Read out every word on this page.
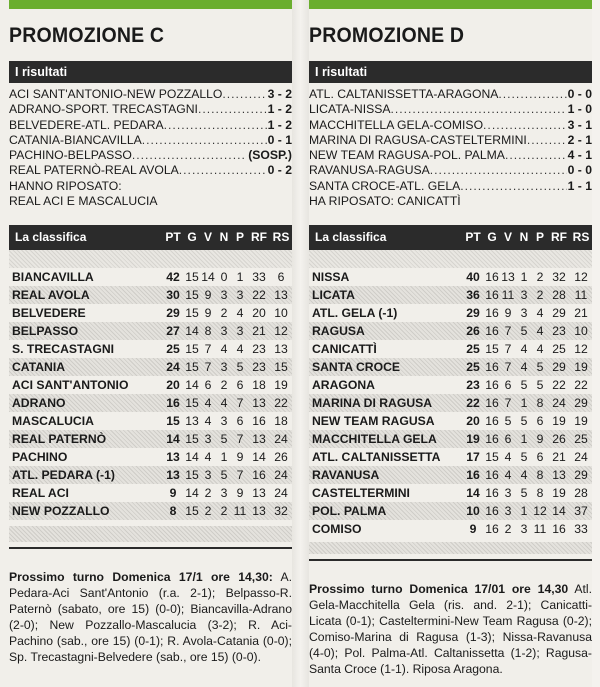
PROMOZIONE C
I risultati
ACI SANT'ANTONIO-NEW POZZALLO .....	3 - 2
ADRANO-SPORT. TRECASTAGNI .....	1 - 2
BELVEDERE-ATL. PEDARA .....	1 - 2
CATANIA-BIANCAVILLA .....	0 - 1
PACHINO-BELPASSO .....	(SOSP.)
REAL PATERNÒ-REAL AVOLA .....	0 - 2
HANNO RIPOSATO:
REAL ACI E MASCALUCIA
La classifica	PT G V N P RF RS
BIANCAVILLA	42 15 14 0 1 33 6
REAL AVOLA	30 15 9 3 3 22 13
BELVEDERE	29 15 9 2 4 20 10
BELPASSO	27 14 8 3 3 21 12
S. TRECASTAGNI	25 15 7 4 4 23 13
CATANIA	24 15 7 3 5 23 15
ACI SANT'ANTONIO	20 14 6 2 6 18 19
ADRANO	16 15 4 4 7 13 22
MASCALUCIA	15 13 4 3 6 16 18
REAL PATERNÒ	14 15 3 5 7 13 24
PACHINO	13 14 4 1 9 14 26
ATL. PEDARA (-1)	13 15 3 5 7 16 24
REAL ACI	9 14 2 3 9 13 24
NEW POZZALLO	8 15 2 2 11 13 32
Prossimo turno Domenica 17/1 ore 14,30: A. Pedara-Aci Sant'Antonio (r.a. 2-1); Belpasso-R. Paternò (sabato, ore 15) (0-0); Biancavilla-Adrano (2-0); New Pozzallo-Mascalucia (3-2); R. Aci-Pachino (sab., ore 15) (0-1); R. Avola-Catania (0-0); Sp. Trecastagni-Belvedere (sab., ore 15) (0-0).
PROMOZIONE D
I risultati
ATL. CALTANISSETTA-ARAGONA .....	0 - 0
LICATA-NISSA .....	1 - 0
MACCHITELLA GELA-COMISO .....	3 - 1
MARINA DI RAGUSA-CASTELTERMINI .....	2 - 1
NEW TEAM RAGUSA-POL. PALMA .....	4 - 1
RAVANUSA-RAGUSA .....	0 - 0
SANTA CROCE-ATL. GELA .....	1 - 1
HA RIPOSATO: CANICATTÌ
La classifica	PT G V N P RF RS
NISSA	40 16 13 1 2 32 12
LICATA	36 16 11 3 2 28 11
ATL. GELA (-1)	29 16 9 3 4 29 21
RAGUSA	26 16 7 5 4 23 10
CANICATTÌ	25 15 7 4 4 25 12
SANTA CROCE	25 16 7 4 5 29 19
ARAGONA	23 16 6 5 5 22 22
MARINA DI RAGUSA	22 16 7 1 8 24 29
NEW TEAM RAGUSA	20 16 5 5 6 19 19
MACCHITELLA GELA	19 16 6 1 9 26 25
ATL. CALTANISSETTA	17 15 4 5 6 21 24
RAVANUSA	16 16 4 4 8 13 29
CASTELTERMINI	14 16 3 5 8 19 28
POL. PALMA	10 16 3 1 12 14 37
COMISO	9 16 2 3 11 16 33
Prossimo turno Domenica 17/01 ore 14,30 Atl. Gela-Macchitella Gela (ris. and. 2-1); Canicatti-Licata (0-1); Casteltermini-New Team Ragusa (0-2); Comiso-Marina di Ragusa (1-3); Nissa-Ravanusa (4-0); Pol. Palma-Atl. Caltanissetta (1-2); Ragusa-Santa Croce (1-1). Riposa Aragona.
